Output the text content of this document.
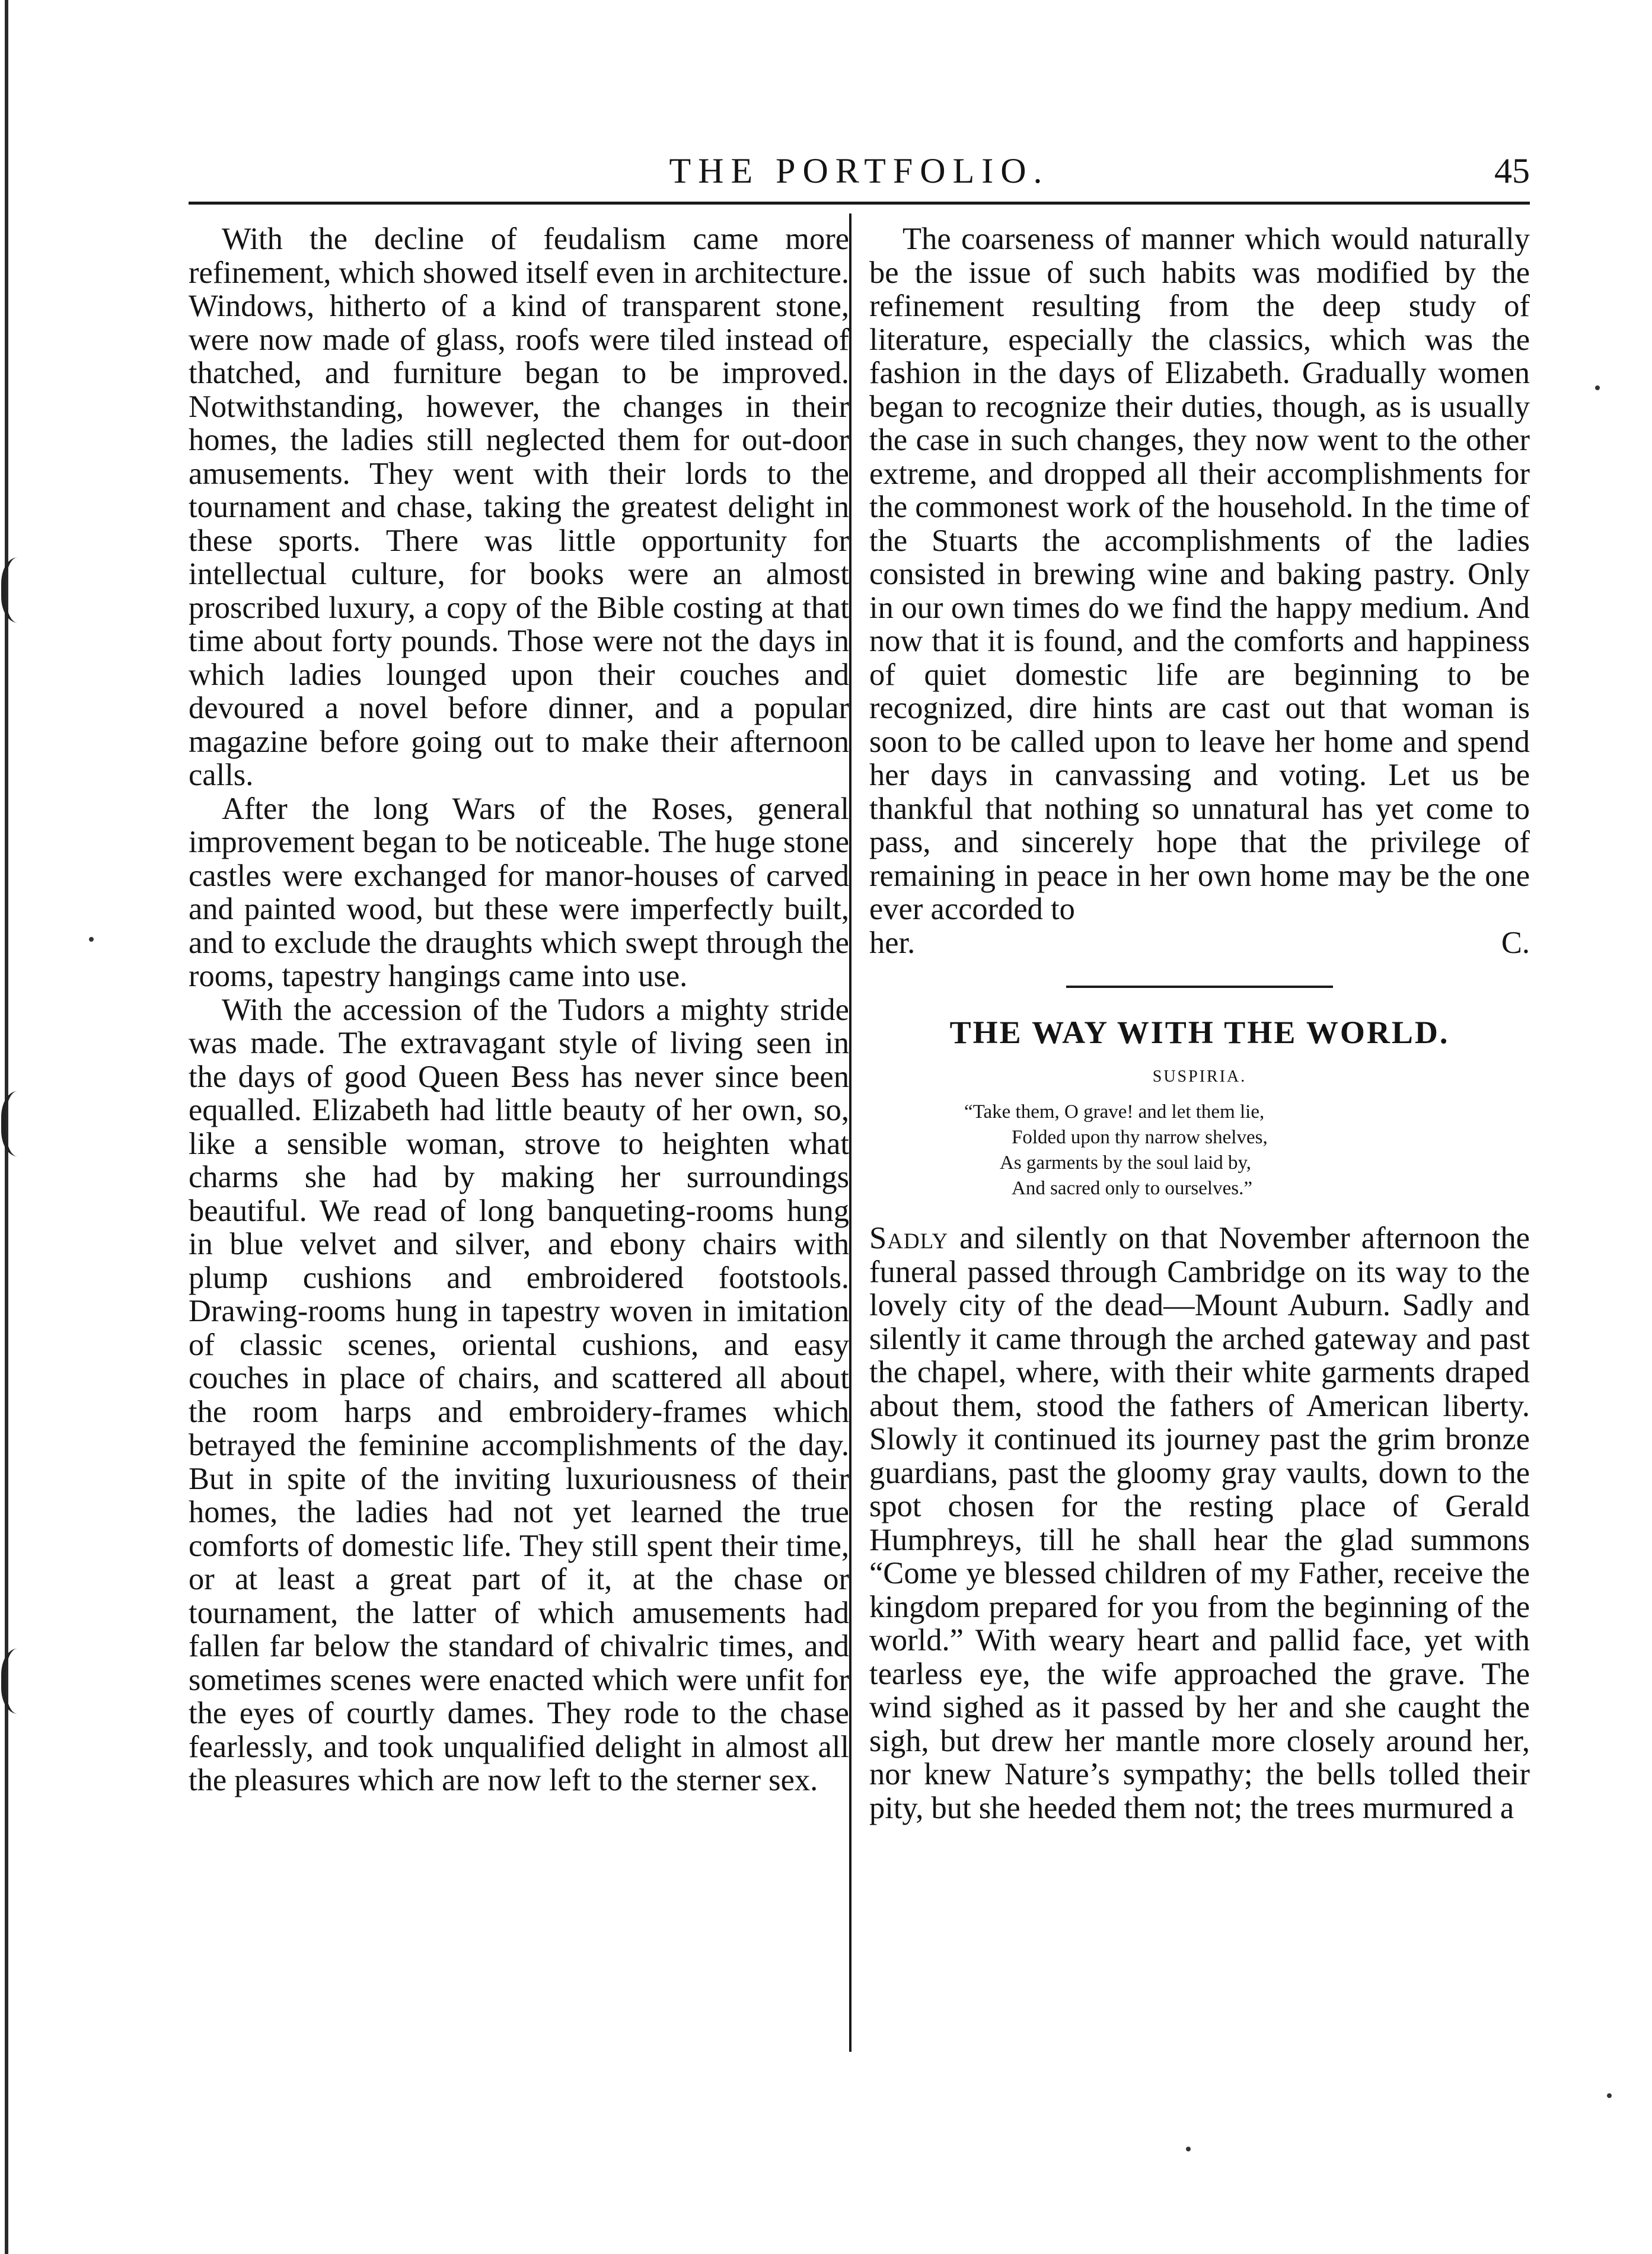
THE PORTFOLIO.	45

With the decline of feudalism came more refinement, which showed itself even in architecture. Windows, hitherto of a kind of transparent stone, were now made of glass, roofs were tiled instead of thatched, and furniture began to be improved. Notwithstanding, however, the changes in their homes, the ladies still neglected them for out-door amusements. They went with their lords to the tournament and chase, taking the greatest delight in these sports. There was little opportunity for intellectual culture, for books were an almost proscribed luxury, a copy of the Bible costing at that time about forty pounds. Those were not the days in which ladies lounged upon their couches and devoured a novel before dinner, and a popular magazine before going out to make their afternoon calls.

After the long Wars of the Roses, general improvement began to be noticeable. The huge stone castles were exchanged for manor-houses of carved and painted wood, but these were imperfectly built, and to exclude the draughts which swept through the rooms, tapestry hangings came into use.

With the accession of the Tudors a mighty stride was made. The extravagant style of living seen in the days of good Queen Bess has never since been equalled. Elizabeth had little beauty of her own, so, like a sensible woman, strove to heighten what charms she had by making her surroundings beautiful. We read of long banqueting-rooms hung in blue velvet and silver, and ebony chairs with plump cushions and embroidered footstools. Drawing-rooms hung in tapestry woven in imitation of classic scenes, oriental cushions, and easy couches in place of chairs, and scattered all about the room harps and embroidery-frames which betrayed the feminine accomplishments of the day. But in spite of the inviting luxuriousness of their homes, the ladies had not yet learned the true comforts of domestic life. They still spent their time, or at least a great part of it, at the chase or tournament, the latter of which amusements had fallen far below the standard of chivalric times, and sometimes scenes were enacted which were unfit for the eyes of courtly dames. They rode to the chase fearlessly, and took unqualified delight in almost all the pleasures which are now left to the sterner sex.

The coarseness of manner which would naturally be the issue of such habits was modified by the refinement resulting from the deep study of literature, especially the classics, which was the fashion in the days of Elizabeth. Gradually women began to recognize their duties, though, as is usually the case in such changes, they now went to the other extreme, and dropped all their accomplishments for the commonest work of the household. In the time of the Stuarts the accomplishments of the ladies consisted in brewing wine and baking pastry. Only in our own times do we find the happy medium. And now that it is found, and the comforts and happiness of quiet domestic life are beginning to be recognized, dire hints are cast out that woman is soon to be called upon to leave her home and spend her days in canvassing and voting. Let us be thankful that nothing so unnatural has yet come to pass, and sincerely hope that the privilege of remaining in peace in her own home may be the one ever accorded to

her.	C.

THE WAY WITH THE WORLD.
SUSPIRIA.
“Take them, O grave! and let them lie,
Folded upon thy narrow shelves,
As garments by the soul laid by,
And sacred only to ourselves.”

Sadly and silently on that November afternoon the funeral passed through Cambridge on its way to the lovely city of the dead—Mount Auburn. Sadly and silently it came through the arched gateway and past the chapel, where, with their white garments draped about them, stood the fathers of American liberty. Slowly it continued its journey past the grim bronze guardians, past the gloomy gray vaults, down to the spot chosen for the resting place of Gerald Humphreys, till he shall hear the glad summons “Come ye blessed children of my Father, receive the kingdom prepared for you from the beginning of the world.” With weary heart and pallid face, yet with tearless eye, the wife approached the grave. The wind sighed as it passed by her and she caught the sigh, but drew her mantle more closely around her, nor knew Nature’s sympathy; the bells tolled their pity, but she heeded them not; the trees murmured a
